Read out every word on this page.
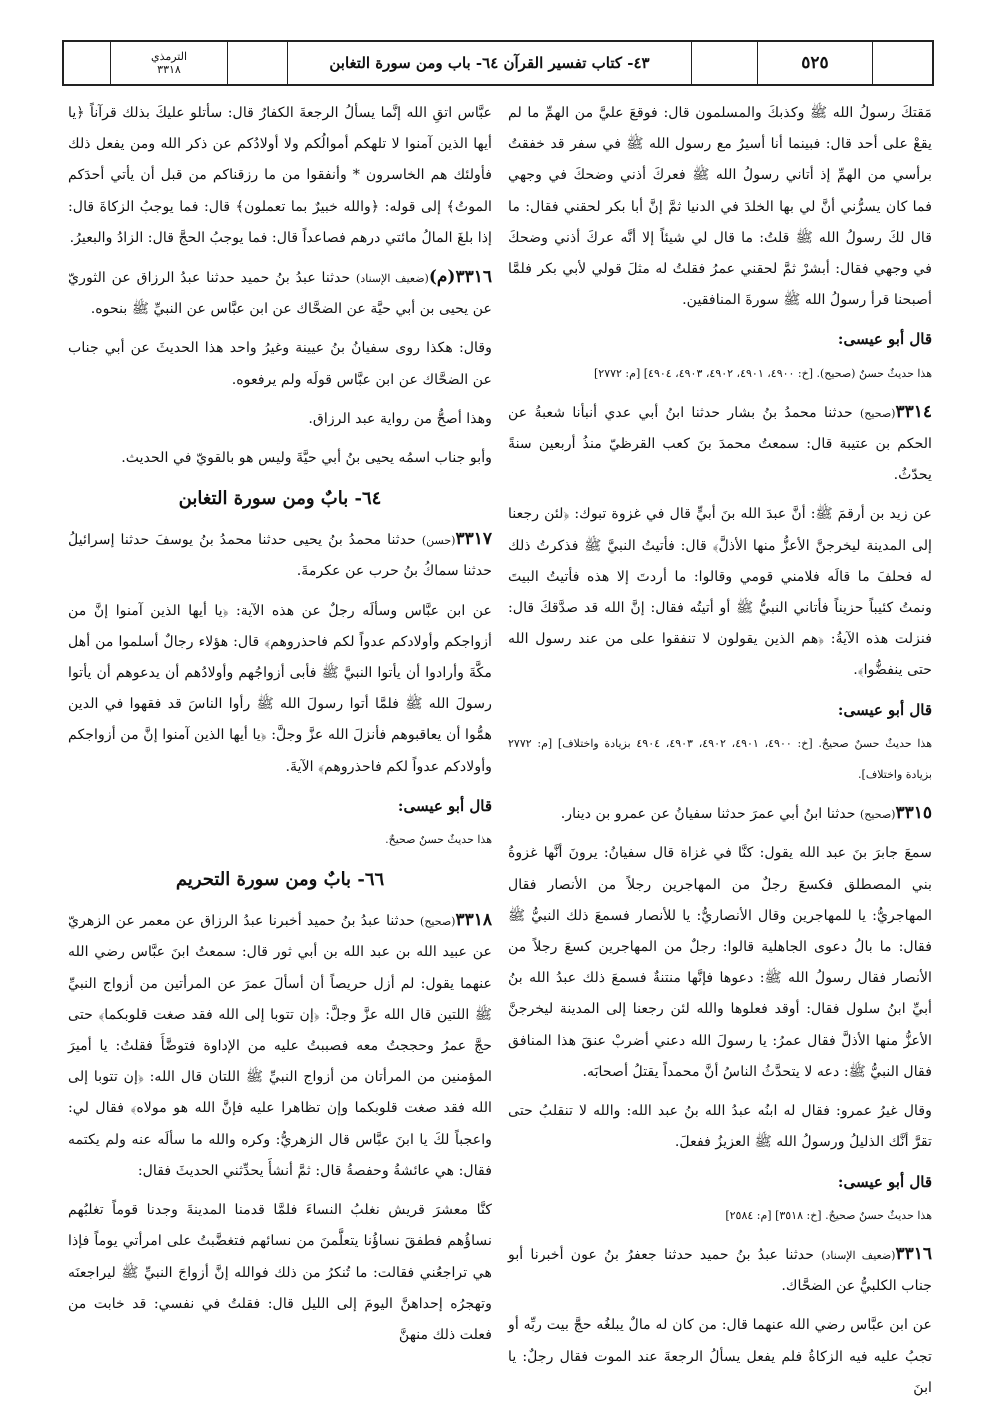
الترمذي
٣٣١٨	٤٣- كتاب تفسير القرآن ٦٤- باب ومن سورة التغابن	٥٢٥

مَقتكَ رسولُ الله ﷺ وكذبكَ والمسلمون قال: فوقعَ عليَّ من الهمِّ ما لم يقعْ على أحد قال: فبينما أنا أسيرُ مع رسول الله ﷺ في سفر قد خفقتُ برأسي من الهمِّ إذ أتاني رسولُ الله ﷺ فعركَ أذني وضحكَ في وجهي فما كان يسرُّني أنَّ لي بها الخلدَ في الدنيا ثمَّ إنَّ أبا بكر لحقني فقال: ما قال لكَ رسولُ الله ﷺ قلتُ: ما قال لي شيئاً إلا أنَّه عركَ أذني وضحكَ في وجهي فقال: أبشرْ ثمَّ لحقني عمرُ فقلتُ له مثلَ قولي لأبي بكر فلمَّا أصبحنا قرأ رسولُ الله ﷺ سورةَ المنافقين.

قال أبو عيسى:
هذا حديثٌ حسنٌ (صحيح). [خ: ٤٩٠٠، ٤٩٠١، ٤٩٠٢، ٤٩٠٣، ٤٩٠٤] [م: ٢٧٧٢]

٣٣١٤(صحيح) حدثنا محمدُ بنُ بشار حدثنا ابنُ أبي عدي أنبأنا شعبةُ عن الحكم بن عتيبة قال: سمعتُ محمدَ بنَ كعب القرظيّ منذُ أربعين سنةً يحدّثُ.

عن زيد بن أرقمَ ﷺ: أنَّ عبدَ الله بنَ أبيٍّ قال في غزوة تبوك: ﴿لئن رجعنا إلى المدينة ليخرجنَّ الأعزُّ منها الأذلَّ﴾ قال: فأتيتُ النبيَّ ﷺ فذكرتُ ذلك له فحلفَ ما قالَه فلامني قومي وقالوا: ما أردتَ إلا هذه فأتيتُ البيتَ ونمتُ كئيباً حزيناً فأتاني النبيُّ ﷺ أو أتيتُه فقال: إنَّ الله قد صدَّقكَ قال: فنزلت هذه الآيةُ: ﴿هم الذين يقولون لا تنفقوا على من عند رسول الله حتى ينفضُّوا﴾.

قال أبو عيسى:
هذا حديثٌ حسنٌ صحيحٌ. [خ: ٤٩٠٠، ٤٩٠١، ٤٩٠٢، ٤٩٠٣، ٤٩٠٤ بزيادة واختلاف] [م: ٢٧٧٢ بزيادة واختلاف].

٣٣١٥(صحيح) حدثنا ابنُ أبي عمرَ حدثنا سفيانُ عن عمرو بن دينار.

سمعَ جابرَ بنَ عبد الله يقول: كنَّا في غزاة قال سفيانُ: يرونَ أنَّها غزوةُ بني المصطلق فكسعَ رجلٌ من المهاجرين رجلاً من الأنصار فقال المهاجريُّ: يا للمهاجرين وقال الأنصاريُّ: يا للأنصار فسمعَ ذلك النبيُّ ﷺ فقال: ما بالُ دعوى الجاهلية قالوا: رجلٌ من المهاجرين كسعَ رجلاً من الأنصار فقال رسولُ الله ﷺ: دعوها فإنَّها منتنةٌ فسمعَ ذلك عبدُ الله بنُ أبيِّ ابنُ سلول فقال: أوقد فعلوها والله لئن رجعنا إلى المدينة ليخرجنَّ الأعزُّ منها الأذلَّ فقال عمرُ: يا رسولَ الله دعني أضربْ عنقَ هذا المنافق فقال النبيُّ ﷺ: دعه لا يتحدَّثُ الناسُ أنَّ محمداً يقتلُ أصحابَه.

وقال غيرُ عمرو: فقال له ابنُه عبدُ الله بنُ عبد الله: والله لا تنقلبُ حتى تقرَّ أنَّك الذليلُ ورسولُ الله ﷺ العزيزُ ففعلَ.

قال أبو عيسى:
هذا حديثٌ حسنٌ صحيحٌ. [خ: ٣٥١٨] [م: ٢٥٨٤]

٣٣١٦(ضعيف الإسناد) حدثنا عبدُ بنُ حميد حدثنا جعفرُ بنُ عون أخبرنا أبو جناب الكلبيُّ عن الضحَّاك.

عن ابن عبَّاس رضي الله عنهما قال: من كان له مالٌ يبلغُه حجَّ بيت ربِّه أو تجبُ عليه فيه الزكاةُ فلم يفعل يسألُ الرجعةَ عند الموت فقال رجلٌ: يا ابنَ

عبَّاس اتقِ الله إنَّما يسألُ الرجعةَ الكفارُ قال: سأتلو عليكَ بذلك قرآناً ﴿يا أيها الذين آمنوا لا تلهكم أموالُكم ولا أولادُكم عن ذكر الله ومن يفعل ذلك فأولئك هم الخاسرون * وأنفقوا من ما رزقناكم من قبل أن يأتي أحدَكم الموتُ﴾ إلى قوله: ﴿والله خبيرٌ بما تعملون﴾ قال: فما يوجبُ الزكاةَ قال: إذا بلغَ المالُ مائتي درهم فصاعداً قال: فما يوجبُ الحجَّ قال: الزادُ والبعيرُ.

٣٣١٦(م)(ضعيف الإسناد) حدثنا عبدُ بنُ حميد حدثنا عبدُ الرزاق عن الثوريّ عن يحيى بن أبي حيَّة عن الضحَّاك عن ابن عبَّاس عن النبيِّ ﷺ بنحوه.

وقال: هكذا روى سفيانُ بنُ عيينة وغيرُ واحد هذا الحديثَ عن أبي جناب عن الضحَّاك عن ابن عبَّاس قولَه ولم يرفعوه.

وهذا أصحُّ من رواية عبد الرزاق.

وأبو جناب اسمُه يحيى بنُ أبي حيَّةَ وليس هو بالقويّ في الحديث.

٦٤- بابٌ ومن سورة التغابن

٣٣١٧(حسن) حدثنا محمدُ بنُ يحيى حدثنا محمدُ بنُ يوسفَ حدثنا إسرائيلُ حدثنا سماكُ بنُ حرب عن عكرمةَ.

عن ابن عبَّاس وسألَه رجلٌ عن هذه الآية: ﴿يا أيها الذين آمنوا إنَّ من أزواجكم وأولادكم عدواً لكم فاحذروهم﴾ قال: هؤلاء رجالٌ أسلموا من أهل مكَّةَ وأرادوا أن يأتوا النبيَّ ﷺ فأبى أزواجُهم وأولادُهم أن يدعوهم أن يأتوا رسولَ الله ﷺ فلمَّا أتوا رسولَ الله ﷺ رأوا الناسَ قد فقهوا في الدين همُّوا أن يعاقبوهم فأنزلَ الله عزَّ وجلَّ: ﴿يا أيها الذين آمنوا إنَّ من أزواجكم وأولادكم عدواً لكم فاحذروهم﴾ الآيةَ.

قال أبو عيسى:
هذا حديثٌ حسنٌ صحيحٌ.

٦٦- بابٌ ومن سورة التحريم

٣٣١٨(صحيح) حدثنا عبدُ بنُ حميد أخبرنا عبدُ الرزاق عن معمر عن الزهريّ عن عبيد الله بن عبد الله بن أبي ثور قال: سمعتُ ابنَ عبَّاس رضي الله عنهما يقول: لم أزل حريصاً أن أسألَ عمرَ عن المرأتين من أزواج النبيِّ ﷺ اللتين قال الله عزَّ وجلَّ: ﴿إن تتوبا إلى الله فقد صغت قلوبكما﴾ حتى حجَّ عمرُ وحججتُ معه فصببتُ عليه من الإداوة فتوضَّأَ فقلتُ: يا أميرَ المؤمنين من المرأتان من أزواج النبيِّ ﷺ اللتان قال الله: ﴿إن تتوبا إلى الله فقد صغت قلوبكما وإن تظاهرا عليه فإنَّ الله هو مولاه﴾ فقال لي: واعجباً لكَ يا ابنَ عبَّاس قال الزهريُّ: وكره والله ما سألَه عنه ولم يكتمه فقال: هي عائشةُ وحفصةُ قال: ثمَّ أنشأَ يحدِّثني الحديثَ فقال:

كنَّا معشرَ قريش نغلبُ النساءَ فلمَّا قدمنا المدينةَ وجدنا قوماً تغلبُهم نساؤُهم فطفقَ نساؤُنا يتعلَّمنَ من نسائهم فتغضَّبتُ على امرأتي يوماً فإذا هي تراجعُني فقالت: ما تُنكرُ من ذلك فوالله إنَّ أزواجَ النبيِّ ﷺ ليراجعنَه وتهجرُه إحداهنَّ اليومَ إلى الليل قال: فقلتُ في نفسي: قد خابت من فعلت ذلك منهنَّ
